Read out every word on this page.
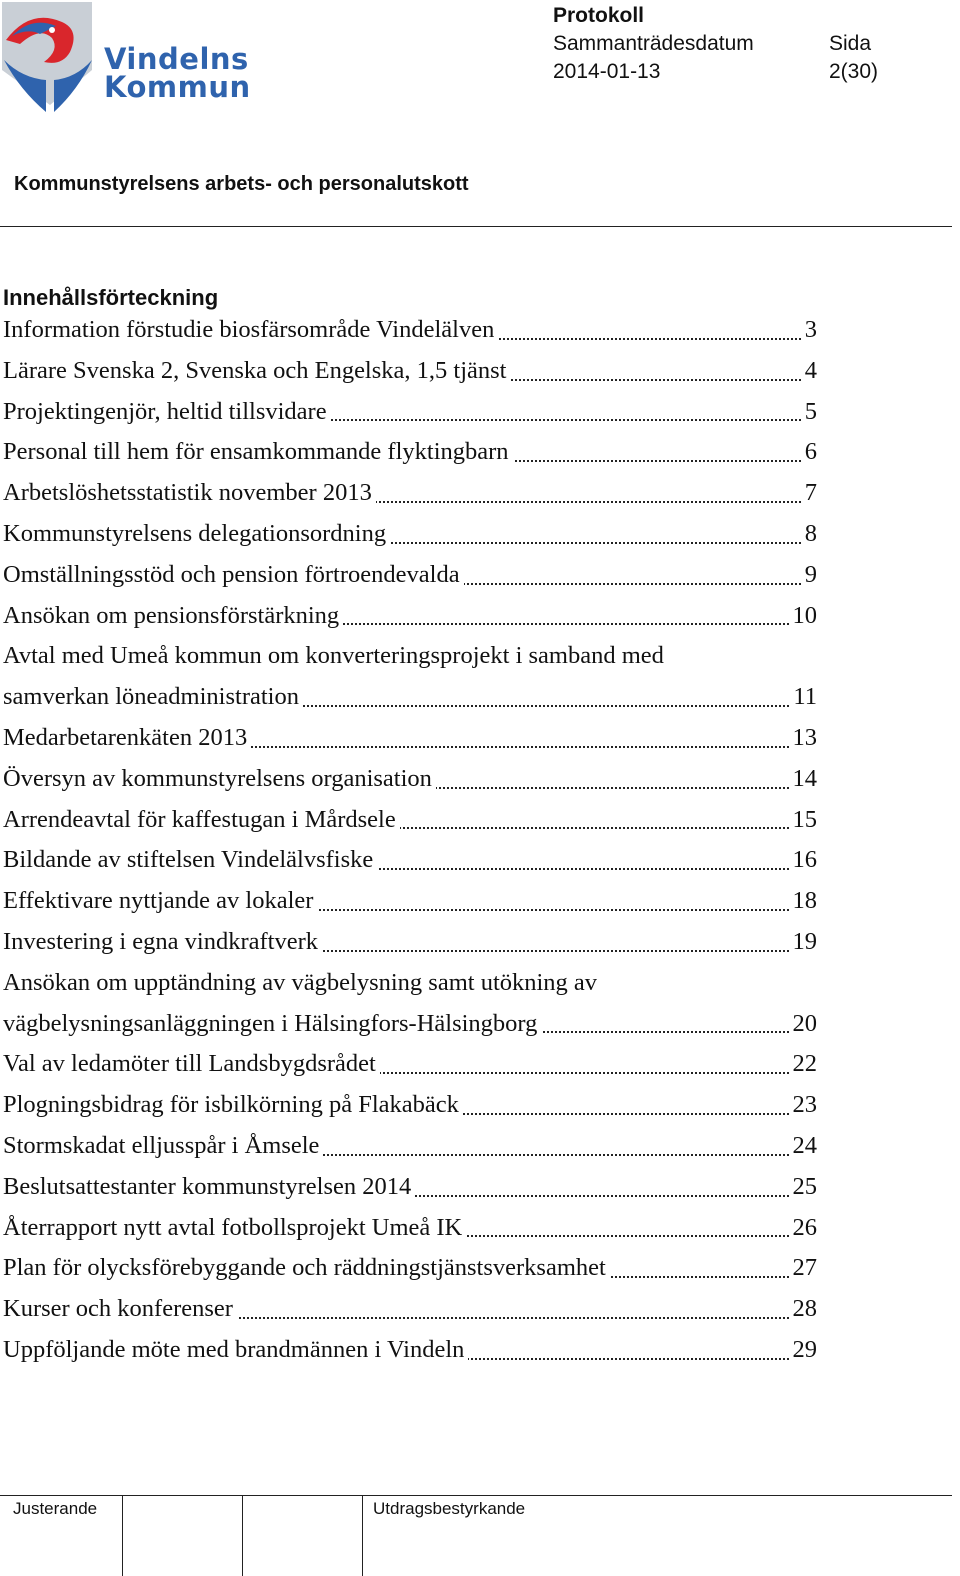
Vindelns
Kommun
Protokoll
Sammanträdesdatum
2014-01-13
Sida
2(30)
Kommunstyrelsens arbets- och personalutskott
Innehållsförteckning
Information förstudie biosfärsområde Vindelälven	3
Lärare Svenska 2, Svenska och Engelska, 1,5 tjänst	4
Projektingenjör, heltid tillsvidare	5
Personal till hem för ensamkommande flyktingbarn	6
Arbetslöshetsstatistik november 2013	7
Kommunstyrelsens delegationsordning	8
Omställningsstöd och pension förtroendevalda	9
Ansökan om pensionsförstärkning	10
Avtal med Umeå kommun om konverteringsprojekt i samband med
samverkan löneadministration	11
Medarbetarenkäten 2013	13
Översyn av kommunstyrelsens organisation	14
Arrendeavtal för kaffestugan i Mårdsele	15
Bildande av stiftelsen Vindelälvsfiske	16
Effektivare nyttjande av lokaler	18
Investering i egna vindkraftverk	19
Ansökan om upptändning av vägbelysning samt utökning av
vägbelysningsanläggningen i Hälsingfors-Hälsingborg	20
Val av ledamöter till Landsbygdsrådet	22
Plogningsbidrag för isbilkörning på Flakabäck	23
Stormskadat elljusspår i Åmsele	24
Beslutsattestanter kommunstyrelsen 2014	25
Återrapport nytt avtal fotbollsprojekt Umeå IK	26
Plan för olycksförebyggande och räddningstjänstsverksamhet	27
Kurser och konferenser	28
Uppföljande möte med brandmännen i Vindeln	29
Justerande	Utdragsbestyrkande
